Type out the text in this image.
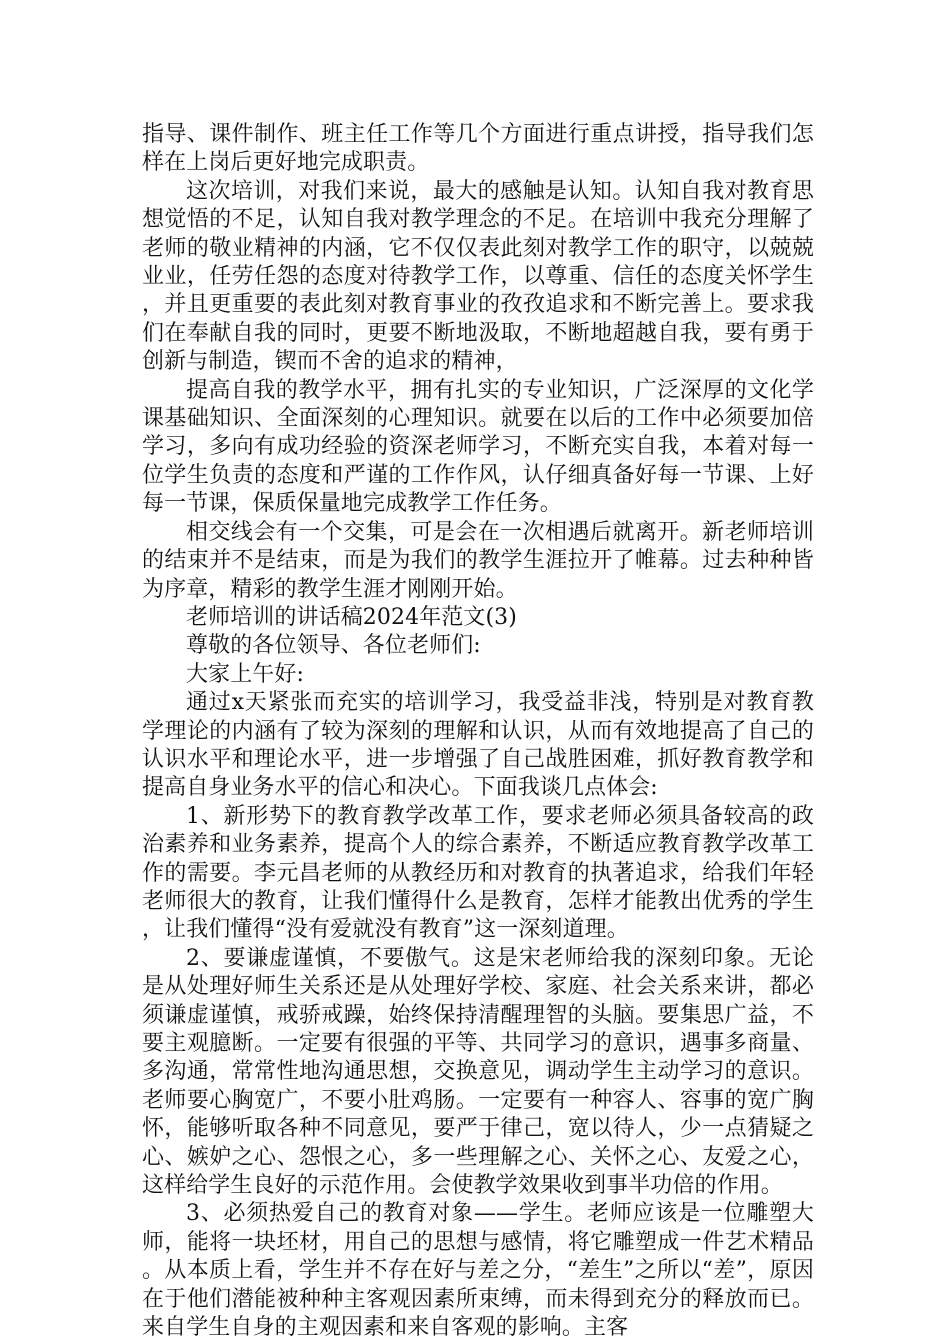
指导、课件制作、班主任工作等几个方面进行重点讲授，指导我们怎样在上岗后更好地完成职责。

这次培训，对我们来说，最大的感触是认知。认知自我对教育思想觉悟的不足，认知自我对教学理念的不足。在培训中我充分理解了老师的敬业精神的内涵，它不仅仅表此刻对教学工作的职守，以兢兢业业，任劳任怨的态度对待教学工作，以尊重、信任的态度关怀学生，并且更重要的表此刻对教育事业的孜孜追求和不断完善上。要求我们在奉献自我的同时，更要不断地汲取，不断地超越自我，要有勇于创新与制造，锲而不舍的追求的精神，

提高自我的教学水平，拥有扎实的专业知识，广泛深厚的文化学课基础知识、全面深刻的心理知识。就要在以后的工作中必须要加倍学习，多向有成功经验的资深老师学习，不断充实自我，本着对每一位学生负责的态度和严谨的工作作风，认仔细真备好每一节课、上好每一节课，保质保量地完成教学工作任务。

相交线会有一个交集，可是会在一次相遇后就离开。新老师培训的结束并不是结束，而是为我们的教学生涯拉开了帷幕。过去种种皆为序章，精彩的教学生涯才刚刚开始。

老师培训的讲话稿2024年范文(3)

尊敬的各位领导、各位老师们:

大家上午好:

通过x天紧张而充实的培训学习，我受益非浅，特别是对教育教学理论的内涵有了较为深刻的理解和认识，从而有效地提高了自己的认识水平和理论水平，进一步增强了自己战胜困难，抓好教育教学和提高自身业务水平的信心和决心。下面我谈几点体会:

1、新形势下的教育教学改革工作，要求老师必须具备较高的政治素养和业务素养，提高个人的综合素养，不断适应教育教学改革工作的需要。李元昌老师的从教经历和对教育的执著追求，给我们年轻老师很大的教育，让我们懂得什么是教育，怎样才能教出优秀的学生，让我们懂得“没有爱就没有教育”这一深刻道理。

2、要谦虚谨慎，不要傲气。这是宋老师给我的深刻印象。无论是从处理好师生关系还是从处理好学校、家庭、社会关系来讲，都必须谦虚谨慎，戒骄戒躁，始终保持清醒理智的头脑。要集思广益，不要主观臆断。一定要有很强的平等、共同学习的意识，遇事多商量、多沟通，常常性地沟通思想，交换意见，调动学生主动学习的意识。老师要心胸宽广，不要小肚鸡肠。一定要有一种容人、容事的宽广胸怀，能够听取各种不同意见，要严于律己，宽以待人，少一点猜疑之心、嫉妒之心、怨恨之心，多一些理解之心、关怀之心、友爱之心，这样给学生良好的示范作用。会使教学效果收到事半功倍的作用。

3、必须热爱自己的教育对象——学生。老师应该是一位雕塑大师，能将一块坯材，用自己的思想与感情，将它雕塑成一件艺术精品。从本质上看，学生并不存在好与差之分，“差生”之所以“差”，原因在于他们潜能被种种主客观因素所束缚，而未得到充分的释放而已。来自学生自身的主观因素和来自客观的影响。主客
